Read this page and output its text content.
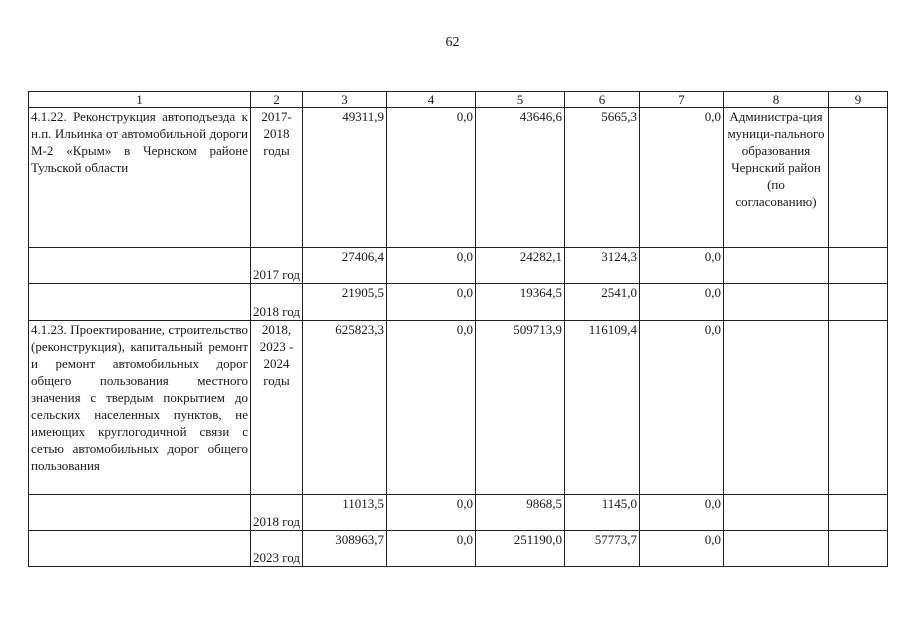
62
1	2	3	4	5	6	7	8	9
4.1.22. Реконструкция автоподъезда к н.п. Ильинка от автомобильной дороги М-2 «Крым» в Чернском районе Тульской области	2017-2018 годы	49311,9	0,0	43646,6	5665,3	0,0	Администра-ция муници-пального образования Чернский район (по согласованию)	
	2017 год	27406,4	0,0	24282,1	3124,3	0,0		
	2018 год	21905,5	0,0	19364,5	2541,0	0,0		
4.1.23. Проектирование, строительство (реконструкция), капитальный ремонт и ремонт автомобильных дорог общего пользования местного значения с твердым покрытием до сельских населенных пунктов, не имеющих круглогодичной связи с сетью автомобильных дорог общего пользования	2018, 2023 - 2024 годы	625823,3	0,0	509713,9	116109,4	0,0		
	2018 год	11013,5	0,0	9868,5	1145,0	0,0		
	2023 год	308963,7	0,0	251190,0	57773,7	0,0		
